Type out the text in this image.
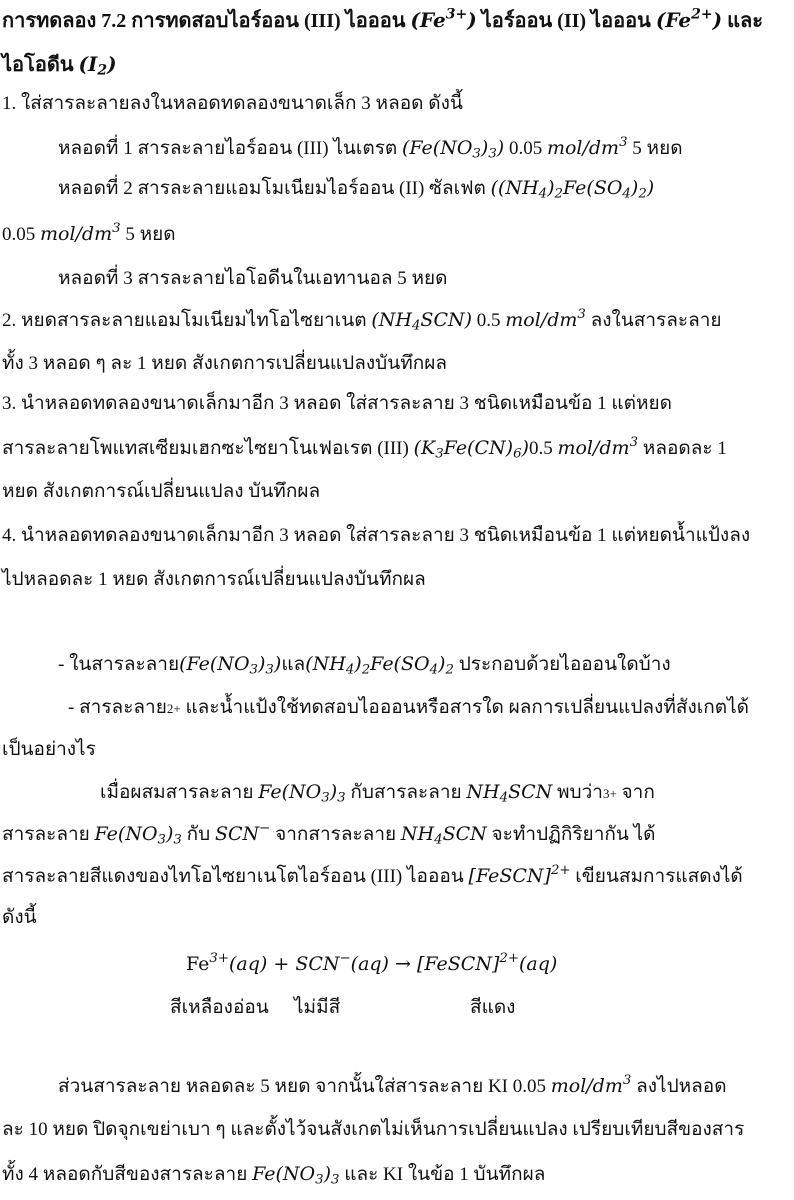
การทดลอง 7.2 การทดสอบไอร์ออน (III) ไอออน $(Fe^{3+})$ ไอร์ออน (II) ไอออน $(Fe^{2+})$ และ
ไอโอดีน $(I_2)$
1. ใส่สารละลายลงในหลอดทดลองขนาดเล็ก 3 หลอด ดังนี้
หลอดที่ 1 สารละลายไอร์ออน (III) ไนเตรต $(Fe(NO_3)_3)$ 0.05 mol/$dm^3$ 5 หยด
หลอดที่ 2 สารละลายแอมโมเนียมไอร์ออน (II) ซัลเฟต $((NH_4)_2Fe(SO_4)_2)$
0.05 mol/$dm^3$ 5 หยด
หลอดที่ 3 สารละลายไอโอดีนในเอทานอล 5 หยด
2. หยดสารละลายแอมโมเนียมไทโอไซยาเนต $(NH_4SCN)$ 0.5 mol/$dm^3$ ลงในสารละลาย
ทั้ง 3 หลอด ๆ ละ 1 หยด สังเกตการเปลี่ยนแปลงบันทึกผล
3. นำหลอดทดลองขนาดเล็กมาอีก 3 หลอด ใส่สารละลาย 3 ชนิดเหมือนข้อ 1 แต่หยด
สารละลายโพแทสเซียมเฮกซะไซยาโนเฟอเรต (III) $(K_3Fe(CN)_6)0.5$ mol/$dm^3$ หลอดละ 1
หยด สังเกตการณ์เปลี่ยนแปลง บันทึกผล
4. นำหลอดทดลองขนาดเล็กมาอีก 3 หลอด ใส่สารละลาย 3 ชนิดเหมือนข้อ 1 แต่หยดน้ำแป้งลง
ไปหลอดละ 1 หยด สังเกตการณ์เปลี่ยนแปลงบันทึกผล
- ในสารละลาย$(Fe(NO_3)_3)$แล$(NH_4)_2Fe(SO_4)_2$ ประกอบด้วยไอออนใดบ้าง
- สารละลาย2+ และน้ำแป้งใช้ทดสอบไอออนหรือสารใด ผลการเปลี่ยนแปลงที่สังเกตได้
เป็นอย่างไร
เมื่อผสมสารละลาย $Fe(NO_3)_3$ กับสารละลาย $NH_4SCN$ พบว่า3+ จาก
สารละลาย $Fe(NO_3)_3$ กับ SCN− จากสารละลาย $NH_4SCN$ จะทำปฏิกิริยากัน ได้
สารละลายสีแดงของไทโอไซยาเนโตไอร์ออน (III) ไอออน [FeSCN]$^{2+}$ เขียนสมการแสดงได้
ดังนี้
$Fe^{3+}(aq) + SCN^-(aq)$ → [FeSCN]$^{2+}$(aq)
สีเหลืองอ่อน ไม่มีสี	สีแดง
ส่วนสารละลาย หลอดละ 5 หยด จากนั้นใส่สารละลาย KI 0.05 mol/$dm^3$ ลงไปหลอด
ละ 10 หยด ปิดจุกเขย่าเบา ๆ และตั้งไว้จนสังเกตไม่เห็นการเปลี่ยนแปลง เปรียบเทียบสีของสาร
ทั้ง 4 หลอดกับสีของสารละลาย $Fe(NO_3)_3$ และ KI ในข้อ 1 บันทึกผล
